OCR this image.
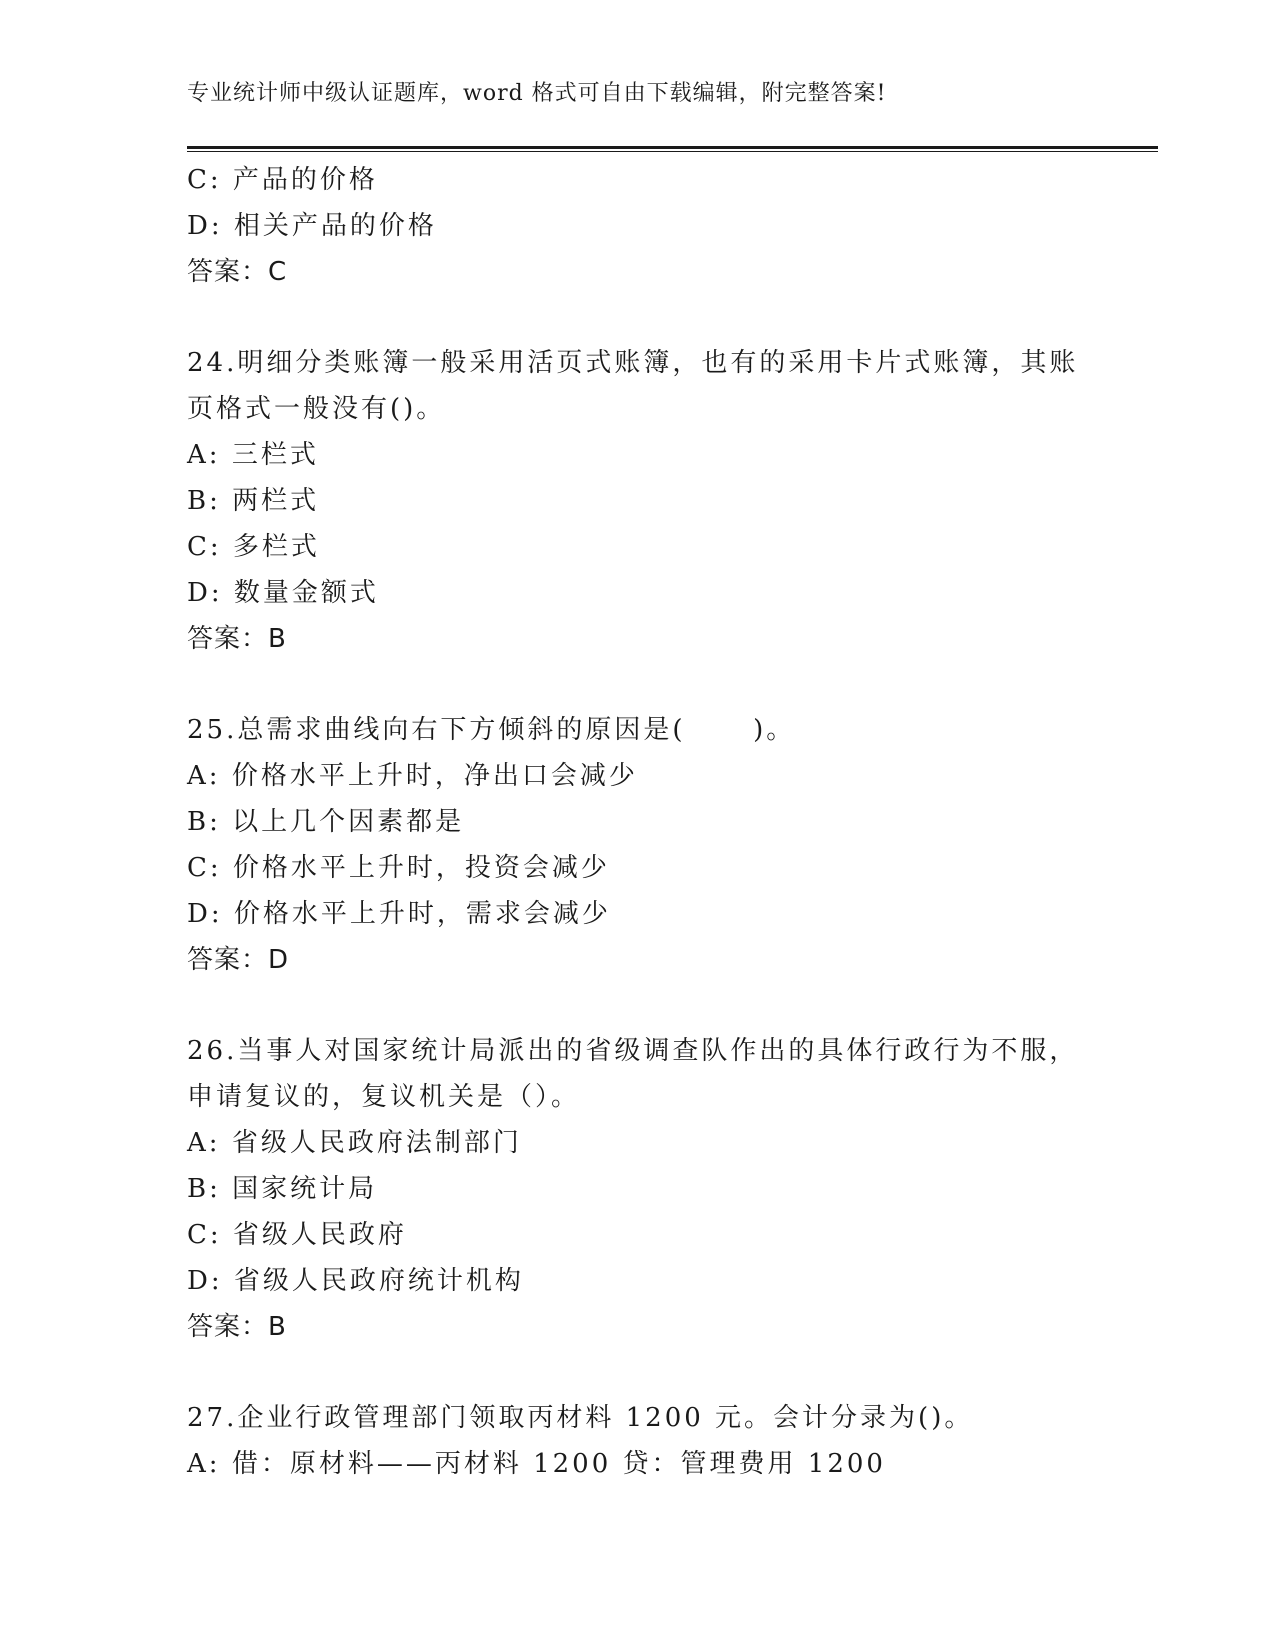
专业统计师中级认证题库，word 格式可自由下载编辑，附完整答案!
C: 产品的价格
D: 相关产品的价格
答案：C
24.明细分类账簿一般采用活页式账簿，也有的采用卡片式账簿，其账
页格式一般没有()。
A: 三栏式
B: 两栏式
C: 多栏式
D: 数量金额式
答案：B
25.总需求曲线向右下方倾斜的原因是(      )。
A: 价格水平上升时，净出口会减少
B: 以上几个因素都是
C: 价格水平上升时，投资会减少
D: 价格水平上升时，需求会减少
答案：D
26.当事人对国家统计局派出的省级调查队作出的具体行政行为不服，
申请复议的，复议机关是（）。
A: 省级人民政府法制部门
B: 国家统计局
C: 省级人民政府
D: 省级人民政府统计机构
答案：B
27.企业行政管理部门领取丙材料 1200 元。会计分录为()。
A: 借：原材料——丙材料 1200 贷：管理费用 1200
